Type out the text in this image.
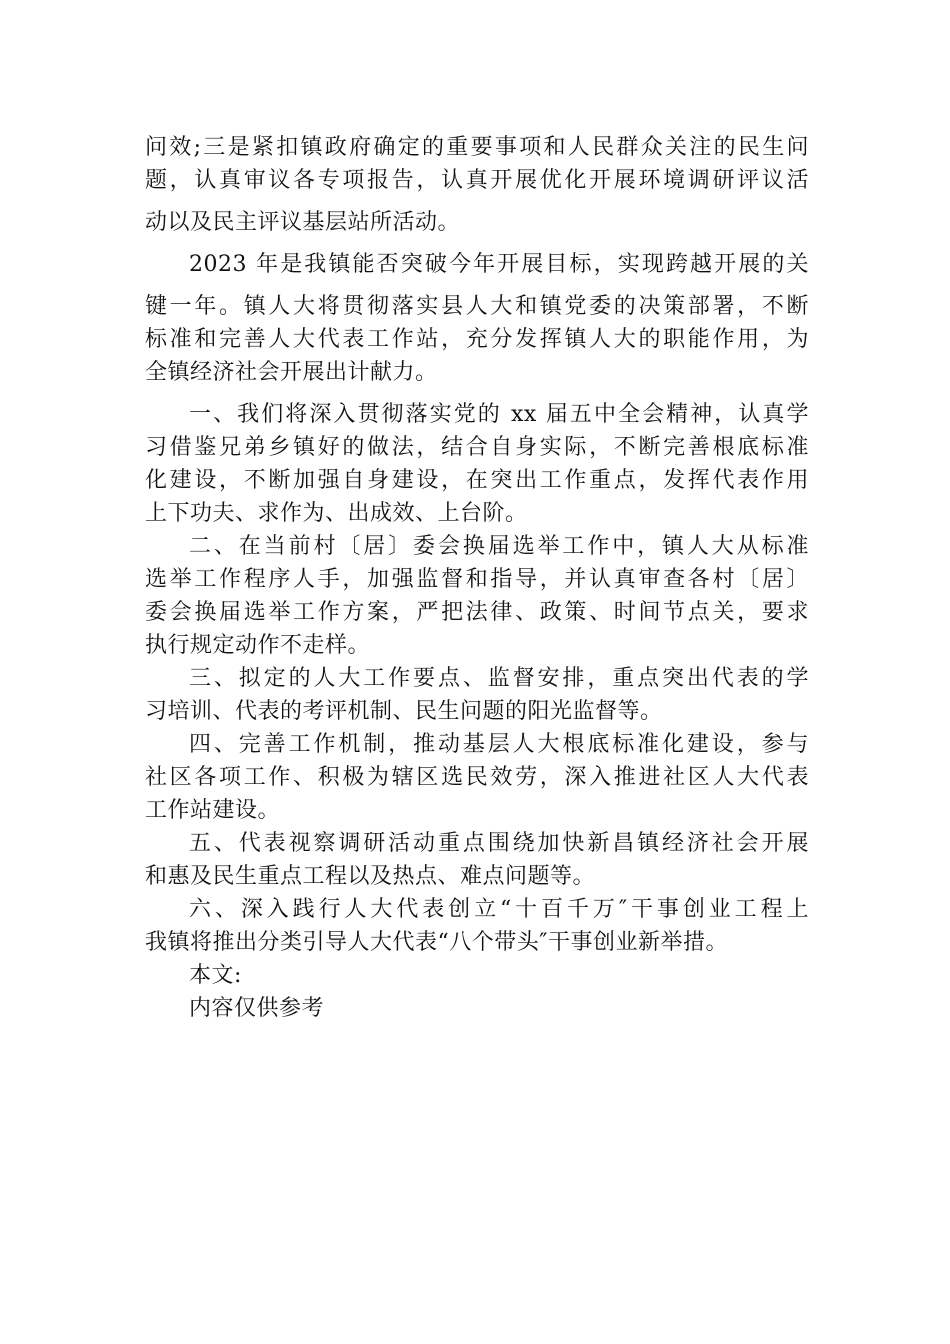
问效;三是紧扣镇政府确定的重要事项和人民群众关注的民生问
题，认真审议各专项报告，认真开展优化开展环境调研评议活
动以及民主评议基层站所活动。
2023 年是我镇能否突破今年开展目标，实现跨越开展的关
键一年。镇人大将贯彻落实县人大和镇党委的决策部署，不断
标准和完善人大代表工作站，充分发挥镇人大的职能作用，为
全镇经济社会开展出计献力。
一、我们将深入贯彻落实党的 xx 届五中全会精神，认真学
习借鉴兄弟乡镇好的做法，结合自身实际，不断完善根底标准
化建设，不断加强自身建设，在突出工作重点，发挥代表作用
上下功夫、求作为、出成效、上台阶。
二、在当前村〔居〕委会换届选举工作中，镇人大从标准
选举工作程序人手，加强监督和指导，并认真审查各村〔居〕
委会换届选举工作方案，严把法律、政策、时间节点关，要求
执行规定动作不走样。
三、拟定的人大工作要点、监督安排，重点突出代表的学
习培训、代表的考评机制、民生问题的阳光监督等。
四、完善工作机制，推动基层人大根底标准化建设，参与
社区各项工作、积极为辖区选民效劳，深入推进社区人大代表
工作站建设。
五、代表视察调研活动重点围绕加快新昌镇经济社会开展
和惠及民生重点工程以及热点、难点问题等。
六、深入践行人大代表创立“十百千万″干事创业工程上
我镇将推出分类引导人大代表“八个带头″干事创业新举措。
本文:
内容仅供参考
